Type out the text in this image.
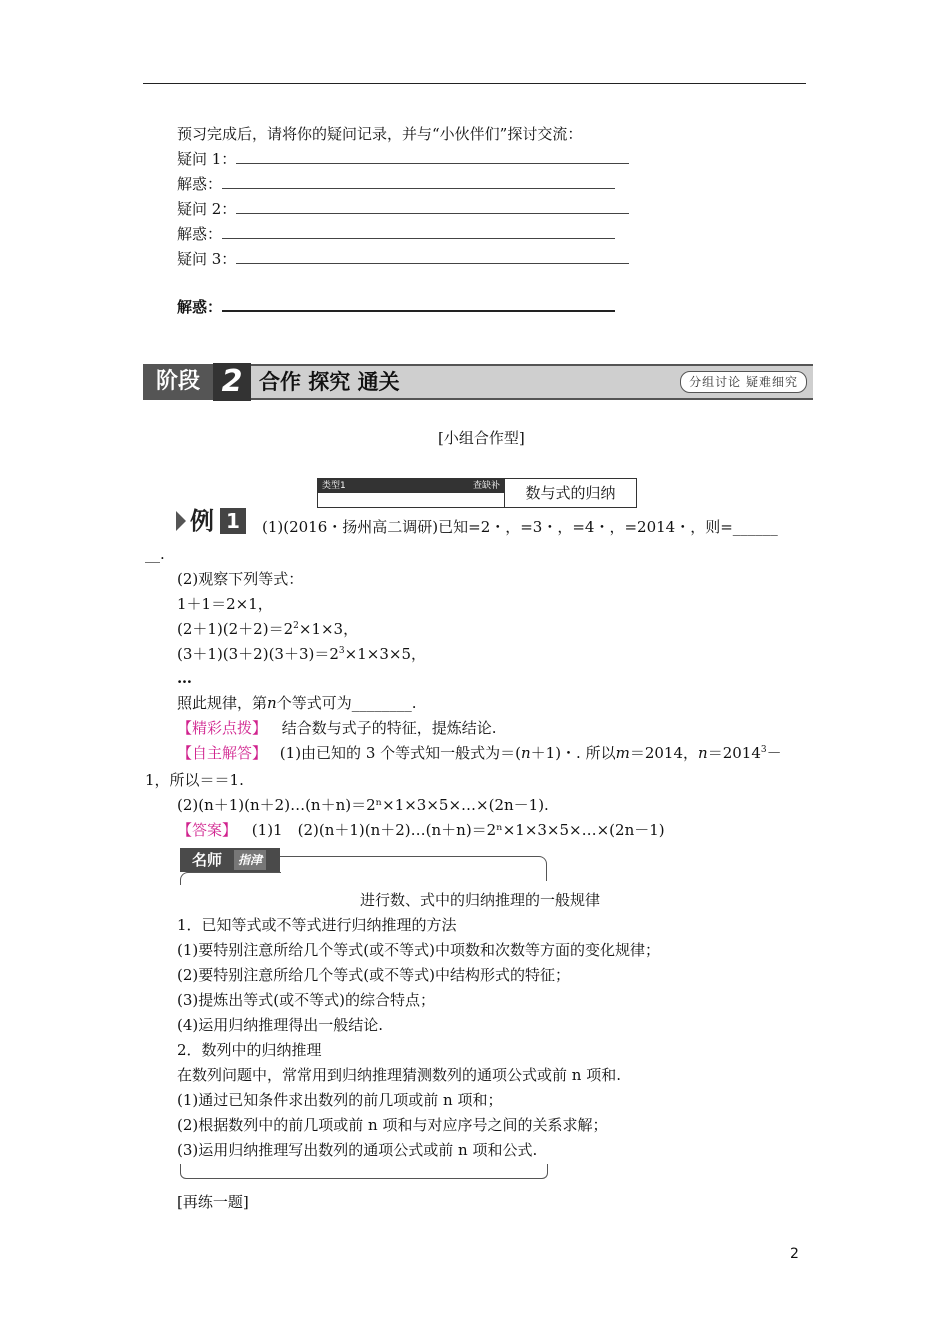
预习完成后，请将你的疑问记录，并与“小伙伴们”探讨交流：
疑问 1：
解惑：
疑问 2：
解惑：
疑问 3：
解惑：
阶段 2 合作 探究 通关	分组讨论 疑难细究
[小组合作型]
类型1	查缺补	数与式的归纳
例 1	(1)(2016・扬州高二调研)已知=2・，=3・，=4・，=2014・，则=______
__.
(2)观察下列等式：
1＋1＝2×1，
$(2+1)(2+2)=2^2\times 1\times 3$，
$(3+1)(3+2)(3+3)=2^3\times 1\times 3\times 5$，
…
照此规律，第n个等式可为________.
【精彩点拨】 结合数与式子的特征，提炼结论.
【自主解答】 (1)由已知的 3 个等式知一般式为＝(n＋1)・. 所以m＝2014，$n=2014^3-$
1，所以＝＝1.
(2)(n＋1)(n＋2)…(n＋n)＝2ⁿ×1×3×5×…×(2n－1).
【答案】 (1)1　(2)(n＋1)(n＋2)…(n＋n)＝2ⁿ×1×3×5×…×(2n－1)
名师	指津
进行数、式中的归纳推理的一般规律
1．已知等式或不等式进行归纳推理的方法
(1)要特别注意所给几个等式(或不等式)中项数和次数等方面的变化规律；
(2)要特别注意所给几个等式(或不等式)中结构形式的特征；
(3)提炼出等式(或不等式)的综合特点；
(4)运用归纳推理得出一般结论.
2．数列中的归纳推理
在数列问题中，常常用到归纳推理猜测数列的通项公式或前 n 项和.
(1)通过已知条件求出数列的前几项或前 n 项和；
(2)根据数列中的前几项或前 n 项和与对应序号之间的关系求解；
(3)运用归纳推理写出数列的通项公式或前 n 项和公式.
[再练一题]
2
